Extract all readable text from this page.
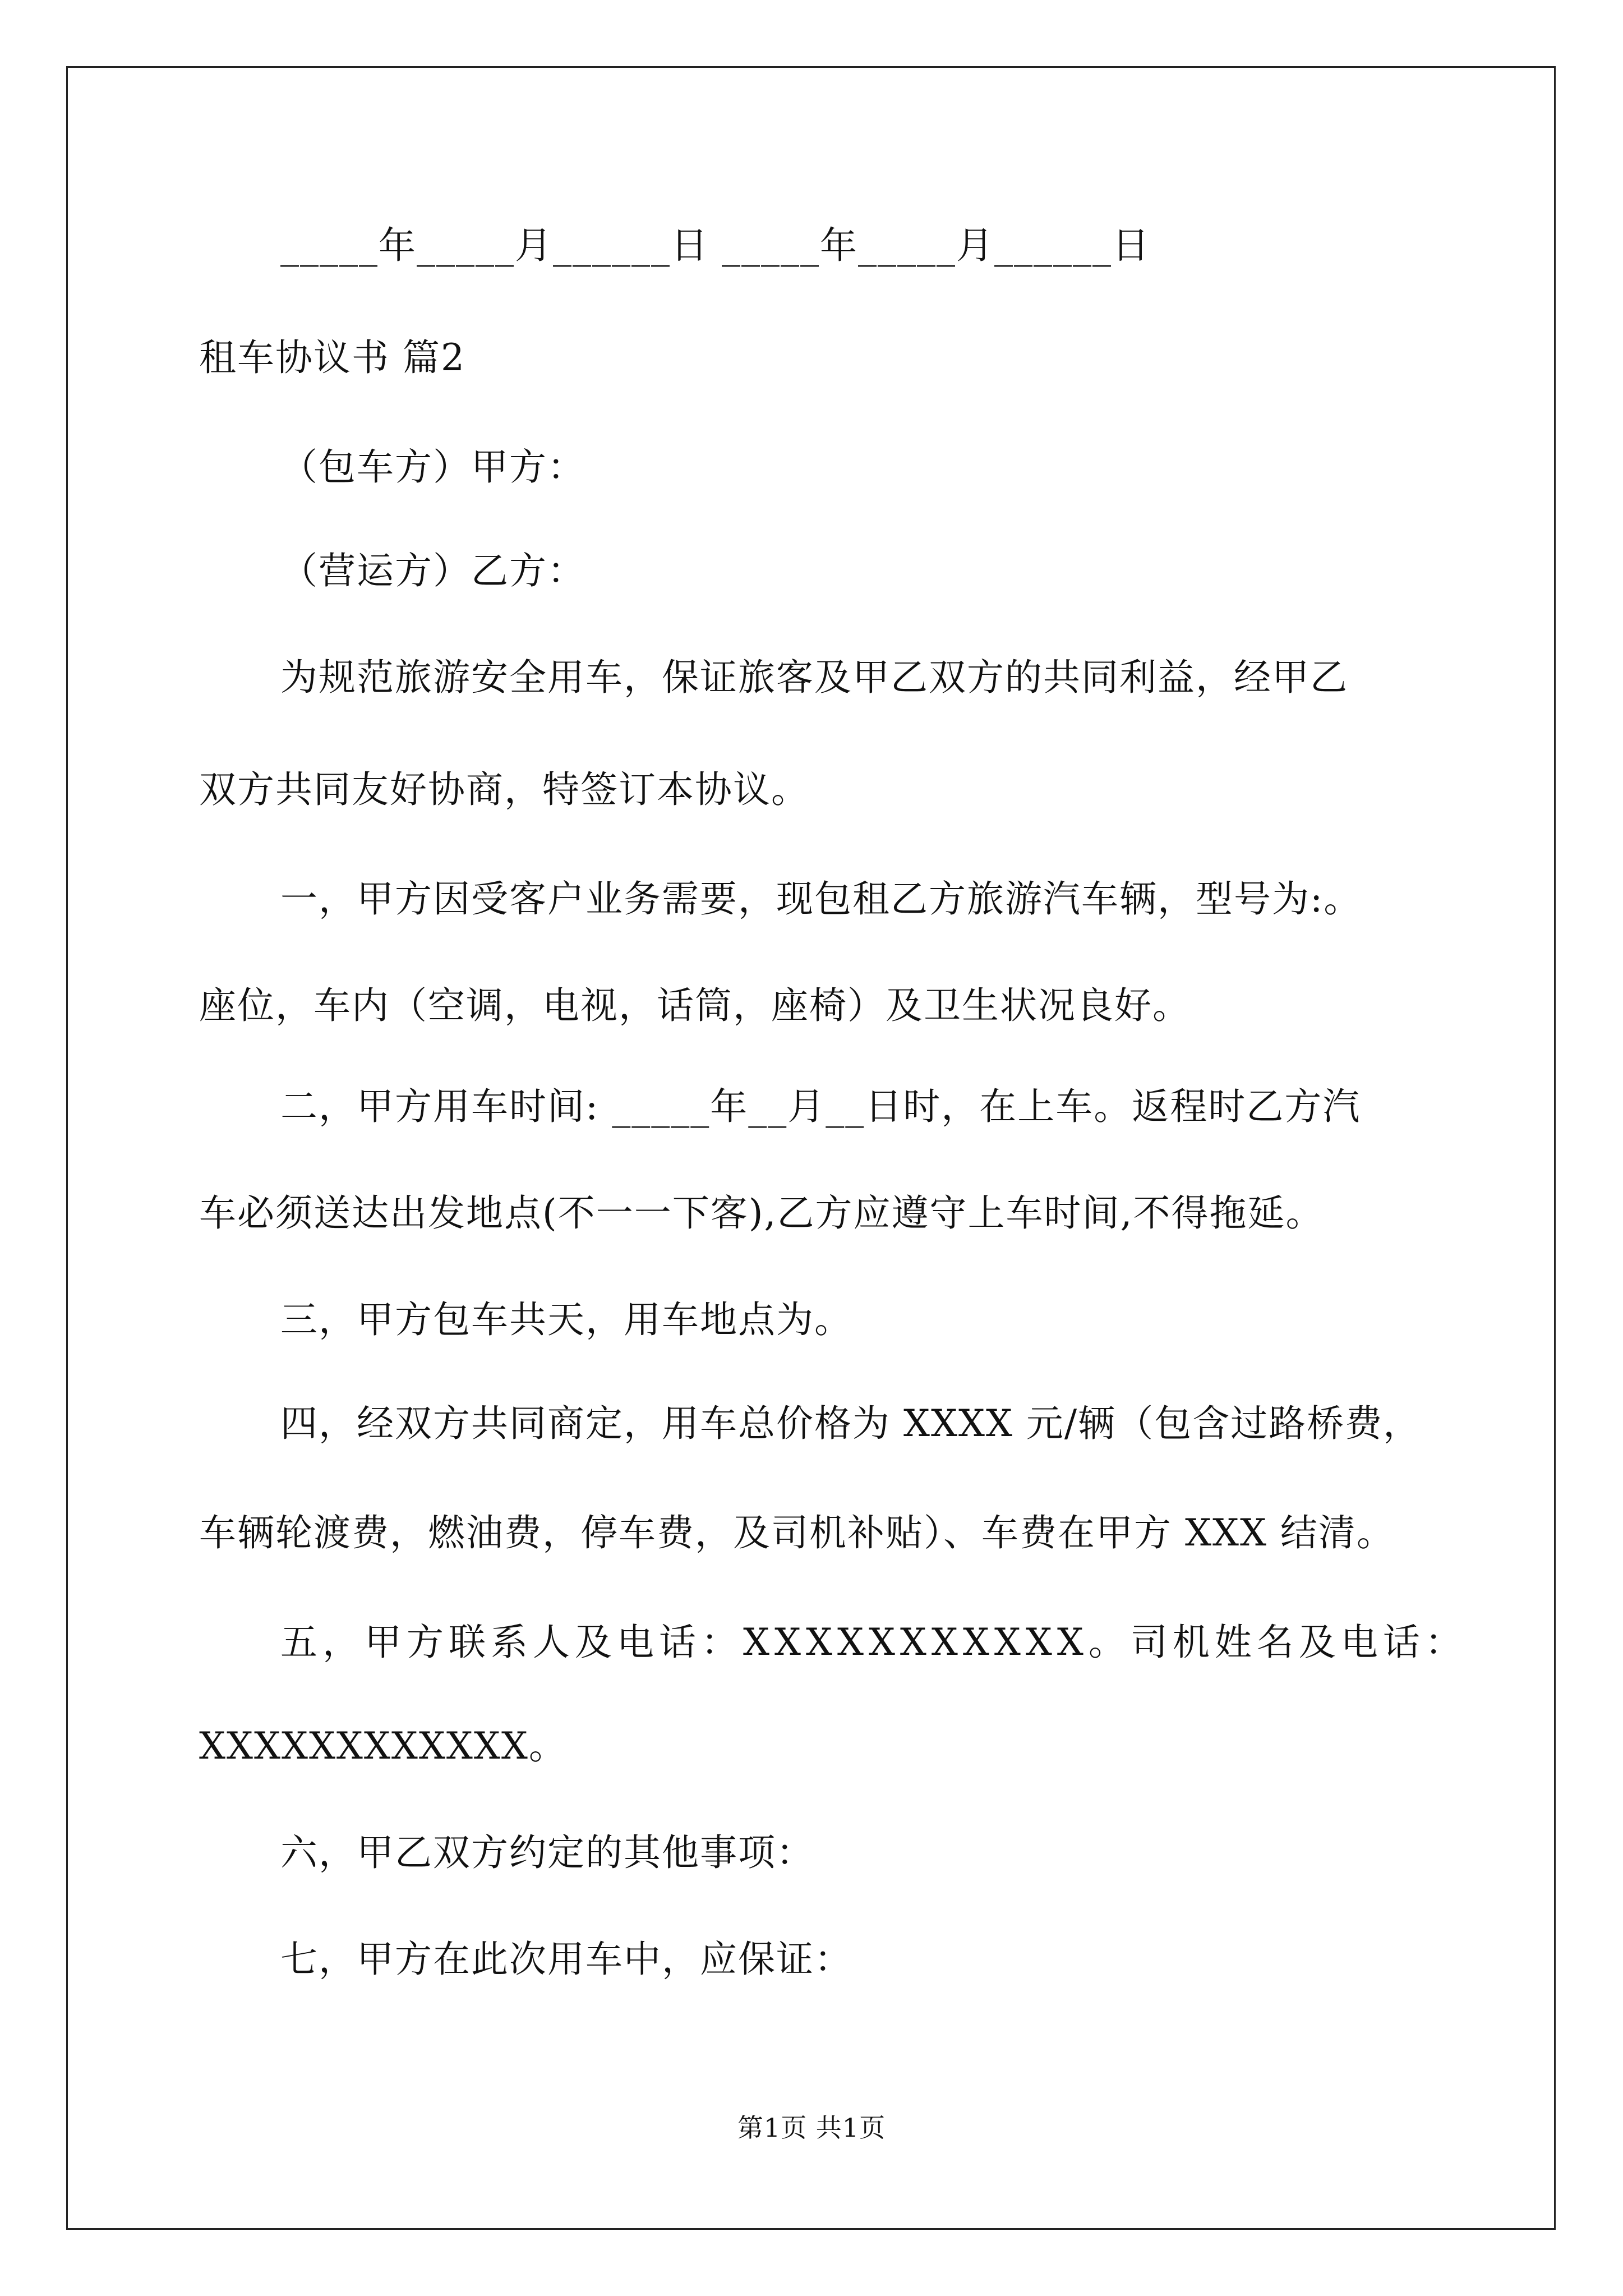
_____年_____月______日 _____年_____月______日
租车协议书 篇2
（包车方）甲方：
（营运方）乙方：
为规范旅游安全用车，保证旅客及甲乙双方的共同利益，经甲乙
双方共同友好协商，特签订本协议。
一，甲方因受客户业务需要，现包租乙方旅游汽车辆，型号为:。
座位，车内（空调，电视，话筒，座椅）及卫生状况良好。
二，甲方用车时间: _____年__月__日时，在上车。返程时乙方汽
车必须送达出发地点(不一一下客),乙方应遵守上车时间,不得拖延。
三，甲方包车共天，用车地点为。
四，经双方共同商定，用车总价格为 XXXX 元/辆（包含过路桥费，
车辆轮渡费，燃油费，停车费，及司机补贴）、车费在甲方 XXX 结清。
五，甲方联系人及电话：XXXXXXXXXXX。司机姓名及电话：
XXXXXXXXXXXX。
六，甲乙双方约定的其他事项：
七，甲方在此次用车中，应保证：
第1页 共1页
